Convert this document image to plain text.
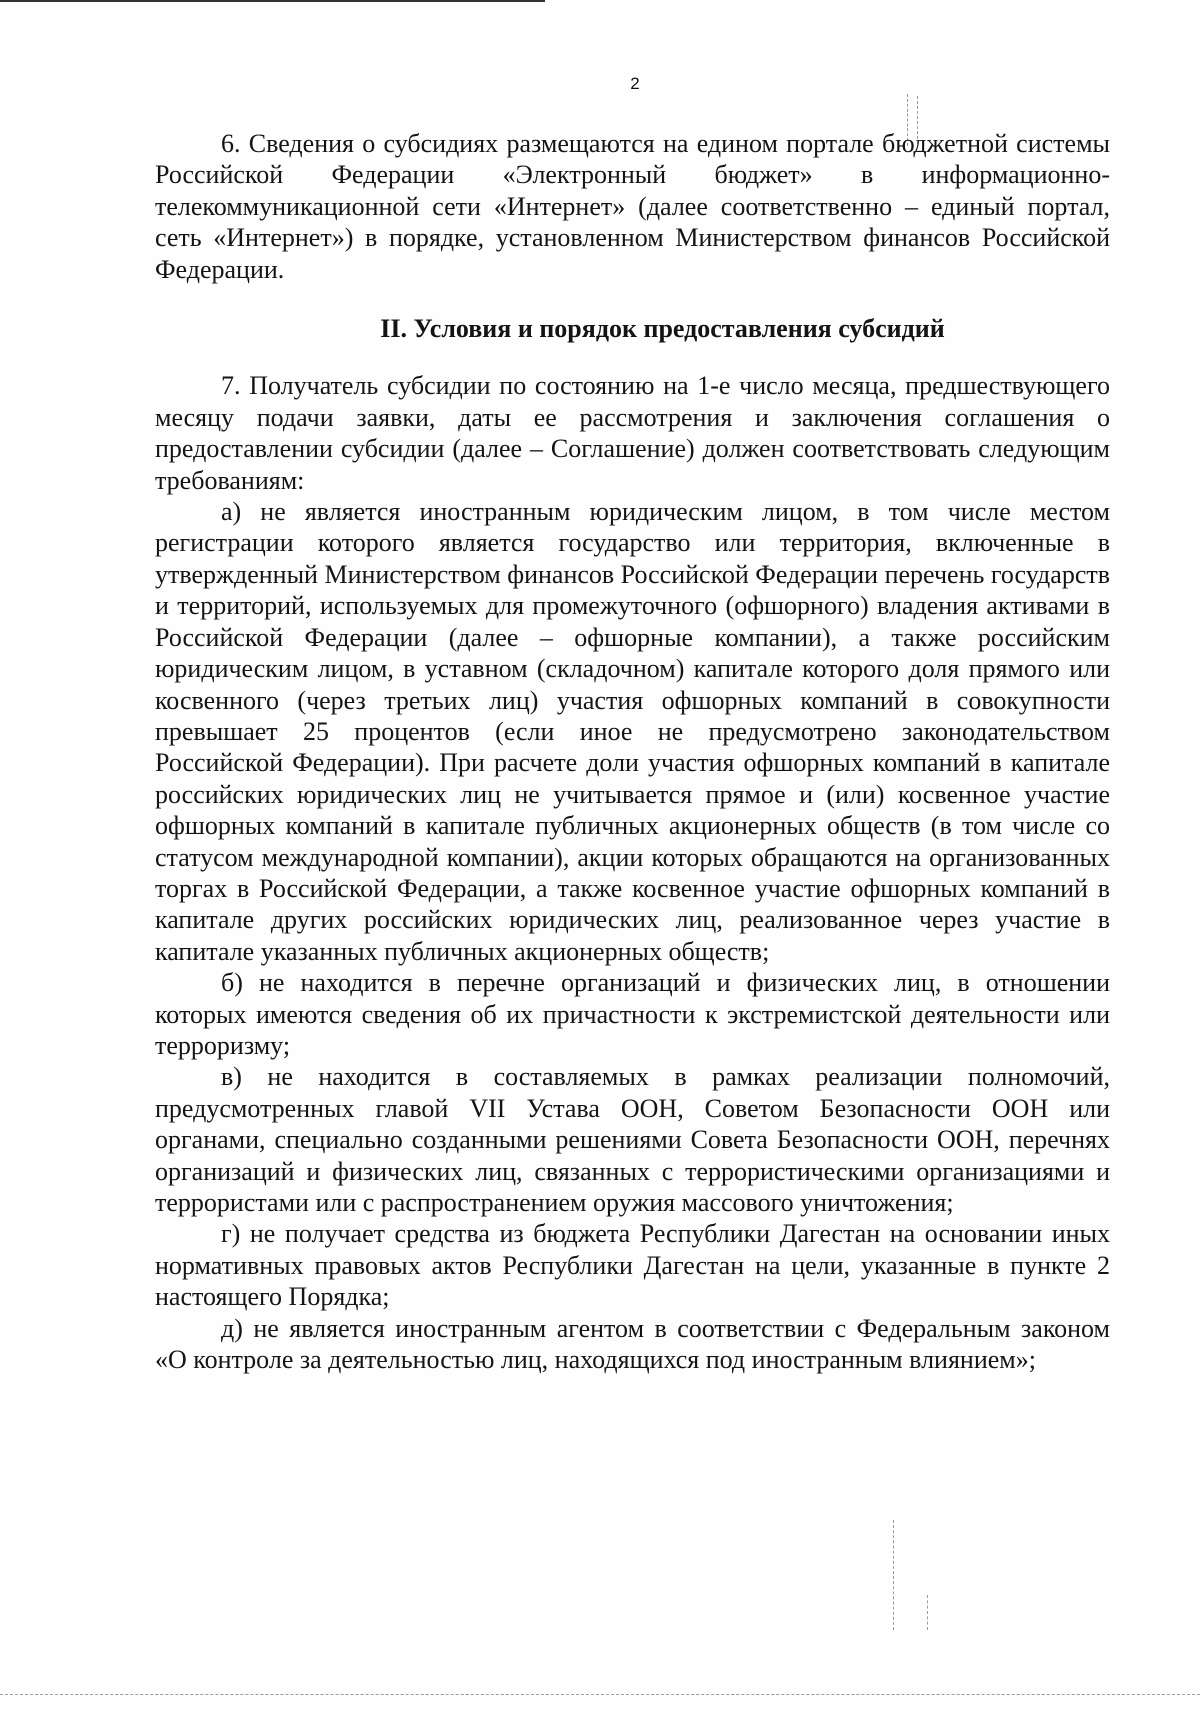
2

6. Сведения о субсидиях размещаются на едином портале бюджетной системы Российской Федерации «Электронный бюджет» в информационно-телекоммуникационной сети «Интернет» (далее соответственно – единый портал, сеть «Интернет») в порядке, установленном Министерством финансов Российской Федерации.

II. Условия и порядок предоставления субсидий

7. Получатель субсидии по состоянию на 1-е число месяца, предшествующего месяцу подачи заявки, даты ее рассмотрения и заключения соглашения о предоставлении субсидии (далее – Соглашение) должен соответствовать следующим требованиям:

а) не является иностранным юридическим лицом, в том числе местом регистрации которого является государство или территория, включенные в утвержденный Министерством финансов Российской Федерации перечень государств и территорий, используемых для промежуточного (офшорного) владения активами в Российской Федерации (далее – офшорные компании), а также российским юридическим лицом, в уставном (складочном) капитале которого доля прямого или косвенного (через третьих лиц) участия офшорных компаний в совокупности превышает 25 процентов (если иное не предусмотрено законодательством Российской Федерации). При расчете доли участия офшорных компаний в капитале российских юридических лиц не учитывается прямое и (или) косвенное участие офшорных компаний в капитале публичных акционерных обществ (в том числе со статусом международной компании), акции которых обращаются на организованных торгах в Российской Федерации, а также косвенное участие офшорных компаний в капитале других российских юридических лиц, реализованное через участие в капитале указанных публичных акционерных обществ;

б) не находится в перечне организаций и физических лиц, в отношении которых имеются сведения об их причастности к экстремистской деятельности или терроризму;

в) не находится в составляемых в рамках реализации полномочий, предусмотренных главой VII Устава ООН, Советом Безопасности ООН или органами, специально созданными решениями Совета Безопасности ООН, перечнях организаций и физических лиц, связанных с террористическими организациями и террористами или с распространением оружия массового уничтожения;

г) не получает средства из бюджета Республики Дагестан на основании иных нормативных правовых актов Республики Дагестан на цели, указанные в пункте 2 настоящего Порядка;

д) не является иностранным агентом в соответствии с Федеральным законом «О контроле за деятельностью лиц, находящихся под иностранным влиянием»;
